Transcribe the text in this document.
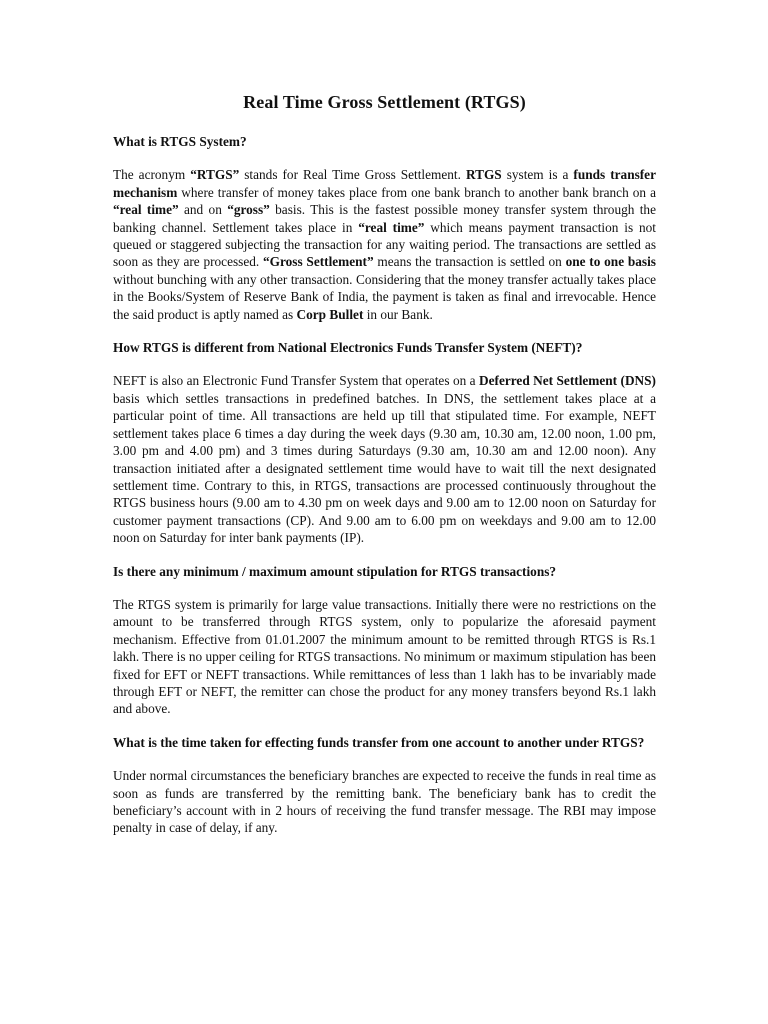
Real Time Gross Settlement (RTGS)

What is RTGS System?

The acronym “RTGS” stands for Real Time Gross Settlement. RTGS system is a funds transfer mechanism where transfer of money takes place from one bank branch to another bank branch on a “real time” and on “gross” basis. This is the fastest possible money transfer system through the banking channel. Settlement takes place in “real time” which means payment transaction is not queued or staggered subjecting the transaction for any waiting period. The transactions are settled as soon as they are processed. “Gross Settlement” means the transaction is settled on one to one basis without bunching with any other transaction. Considering that the money transfer actually takes place in the Books/System of Reserve Bank of India, the payment is taken as final and irrevocable. Hence the said product is aptly named as Corp Bullet in our Bank.

How RTGS is different from National Electronics Funds Transfer System (NEFT)?

NEFT is also an Electronic Fund Transfer System that operates on a Deferred Net Settlement (DNS) basis which settles transactions in predefined batches. In DNS, the settlement takes place at a particular point of time. All transactions are held up till that stipulated time. For example, NEFT settlement takes place 6 times a day during the week days (9.30 am, 10.30 am, 12.00 noon, 1.00 pm, 3.00 pm and 4.00 pm) and 3 times during Saturdays (9.30 am, 10.30 am and 12.00 noon). Any transaction initiated after a designated settlement time would have to wait till the next designated settlement time. Contrary to this, in RTGS, transactions are processed continuously throughout the RTGS business hours (9.00 am to 4.30 pm on week days and 9.00 am to 12.00 noon on Saturday for customer payment transactions (CP). And 9.00 am to 6.00 pm on weekdays and 9.00 am to 12.00 noon on Saturday for inter bank payments (IP).

Is there any minimum / maximum amount stipulation for RTGS transactions?

The RTGS system is primarily for large value transactions. Initially there were no restrictions on the amount to be transferred through RTGS system, only to popularize the aforesaid payment mechanism. Effective from 01.01.2007 the minimum amount to be remitted through RTGS is Rs.1 lakh. There is no upper ceiling for RTGS transactions. No minimum or maximum stipulation has been fixed for EFT or NEFT transactions. While remittances of less than 1 lakh has to be invariably made through EFT or NEFT, the remitter can chose the product for any money transfers beyond Rs.1 lakh and above.

What is the time taken for effecting funds transfer from one account to another under RTGS?

Under normal circumstances the beneficiary branches are expected to receive the funds in real time as soon as funds are transferred by the remitting bank. The beneficiary bank has to credit the beneficiary’s account with in 2 hours of receiving the fund transfer message. The RBI may impose penalty in case of delay, if any.
